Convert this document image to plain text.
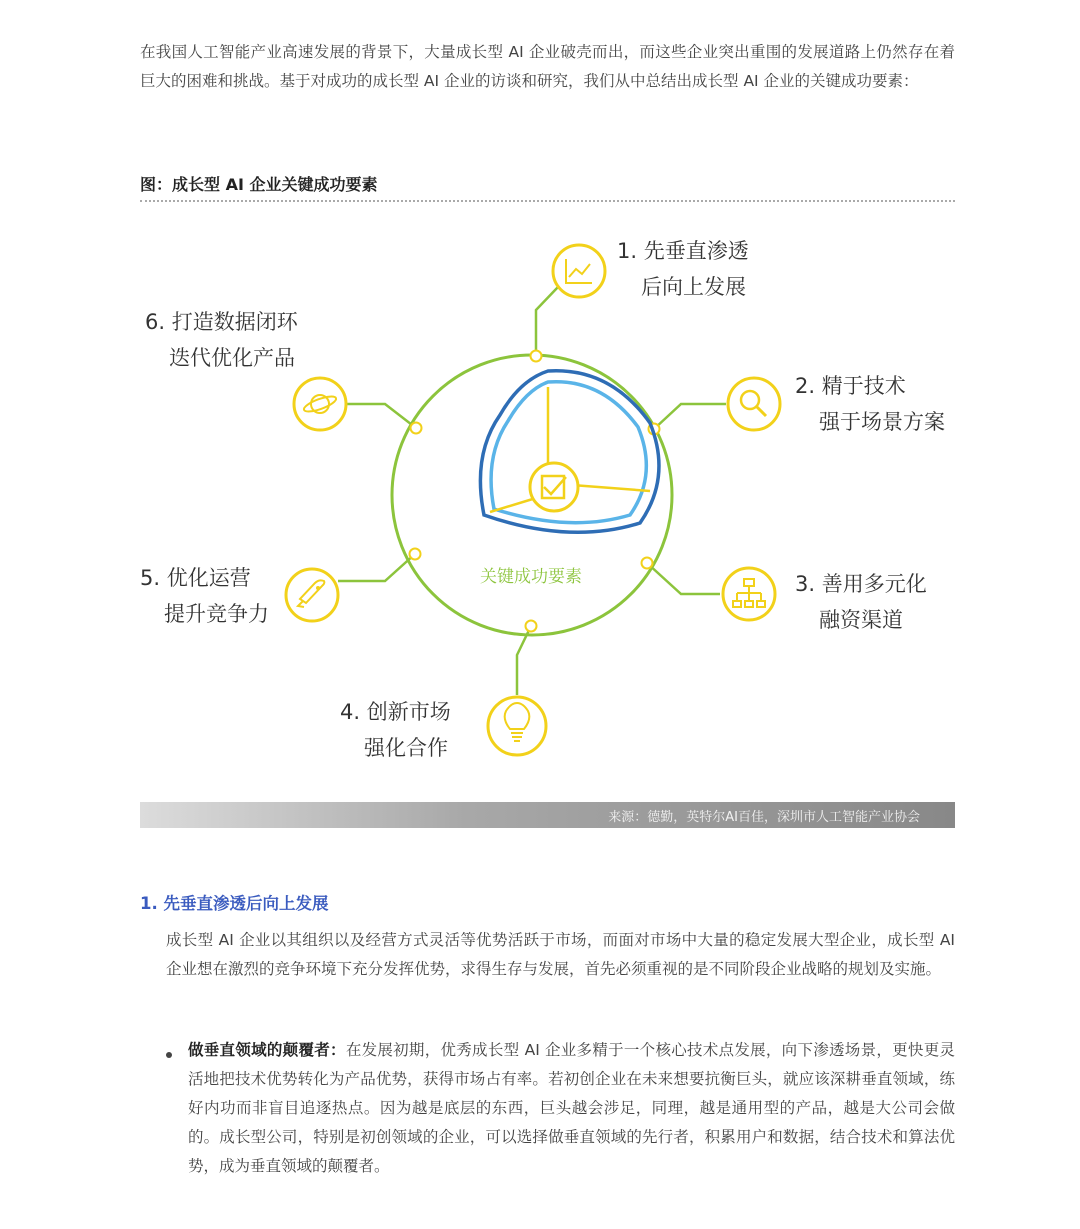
在我国人工智能产业高速发展的背景下，大量成长型 AI 企业破壳而出，而这些企业突出重围的发展道路上仍然存在着巨大的困难和挑战。基于对成功的成长型 AI 企业的访谈和研究，我们从中总结出成长型 AI 企业的关键成功要素：
图：成长型 AI 企业关键成功要素
关键成功要素
1. 先垂直渗透
后向上发展
2. 精于技术
强于场景方案
3. 善用多元化
融资渠道
4. 创新市场
强化合作
5. 优化运营
提升竞争力
6. 打造数据闭环
迭代优化产品
来源：德勤，英特尔AI百佳，深圳市人工智能产业协会
1. 先垂直渗透后向上发展
成长型 AI 企业以其组织以及经营方式灵活等优势活跃于市场，而面对市场中大量的稳定发展大型企业，成长型 AI 企业想在激烈的竞争环境下充分发挥优势，求得生存与发展，首先必须重视的是不同阶段企业战略的规划及实施。
做垂直领域的颠覆者：在发展初期，优秀成长型 AI 企业多精于一个核心技术点发展，向下渗透场景，更快更灵活地把技术优势转化为产品优势，获得市场占有率。若初创企业在未来想要抗衡巨头，就应该深耕垂直领域，练好内功而非盲目追逐热点。因为越是底层的东西，巨头越会涉足，同理，越是通用型的产品，越是大公司会做的。成长型公司，特别是初创领域的企业，可以选择做垂直领域的先行者，积累用户和数据，结合技术和算法优势，成为垂直领域的颠覆者。
